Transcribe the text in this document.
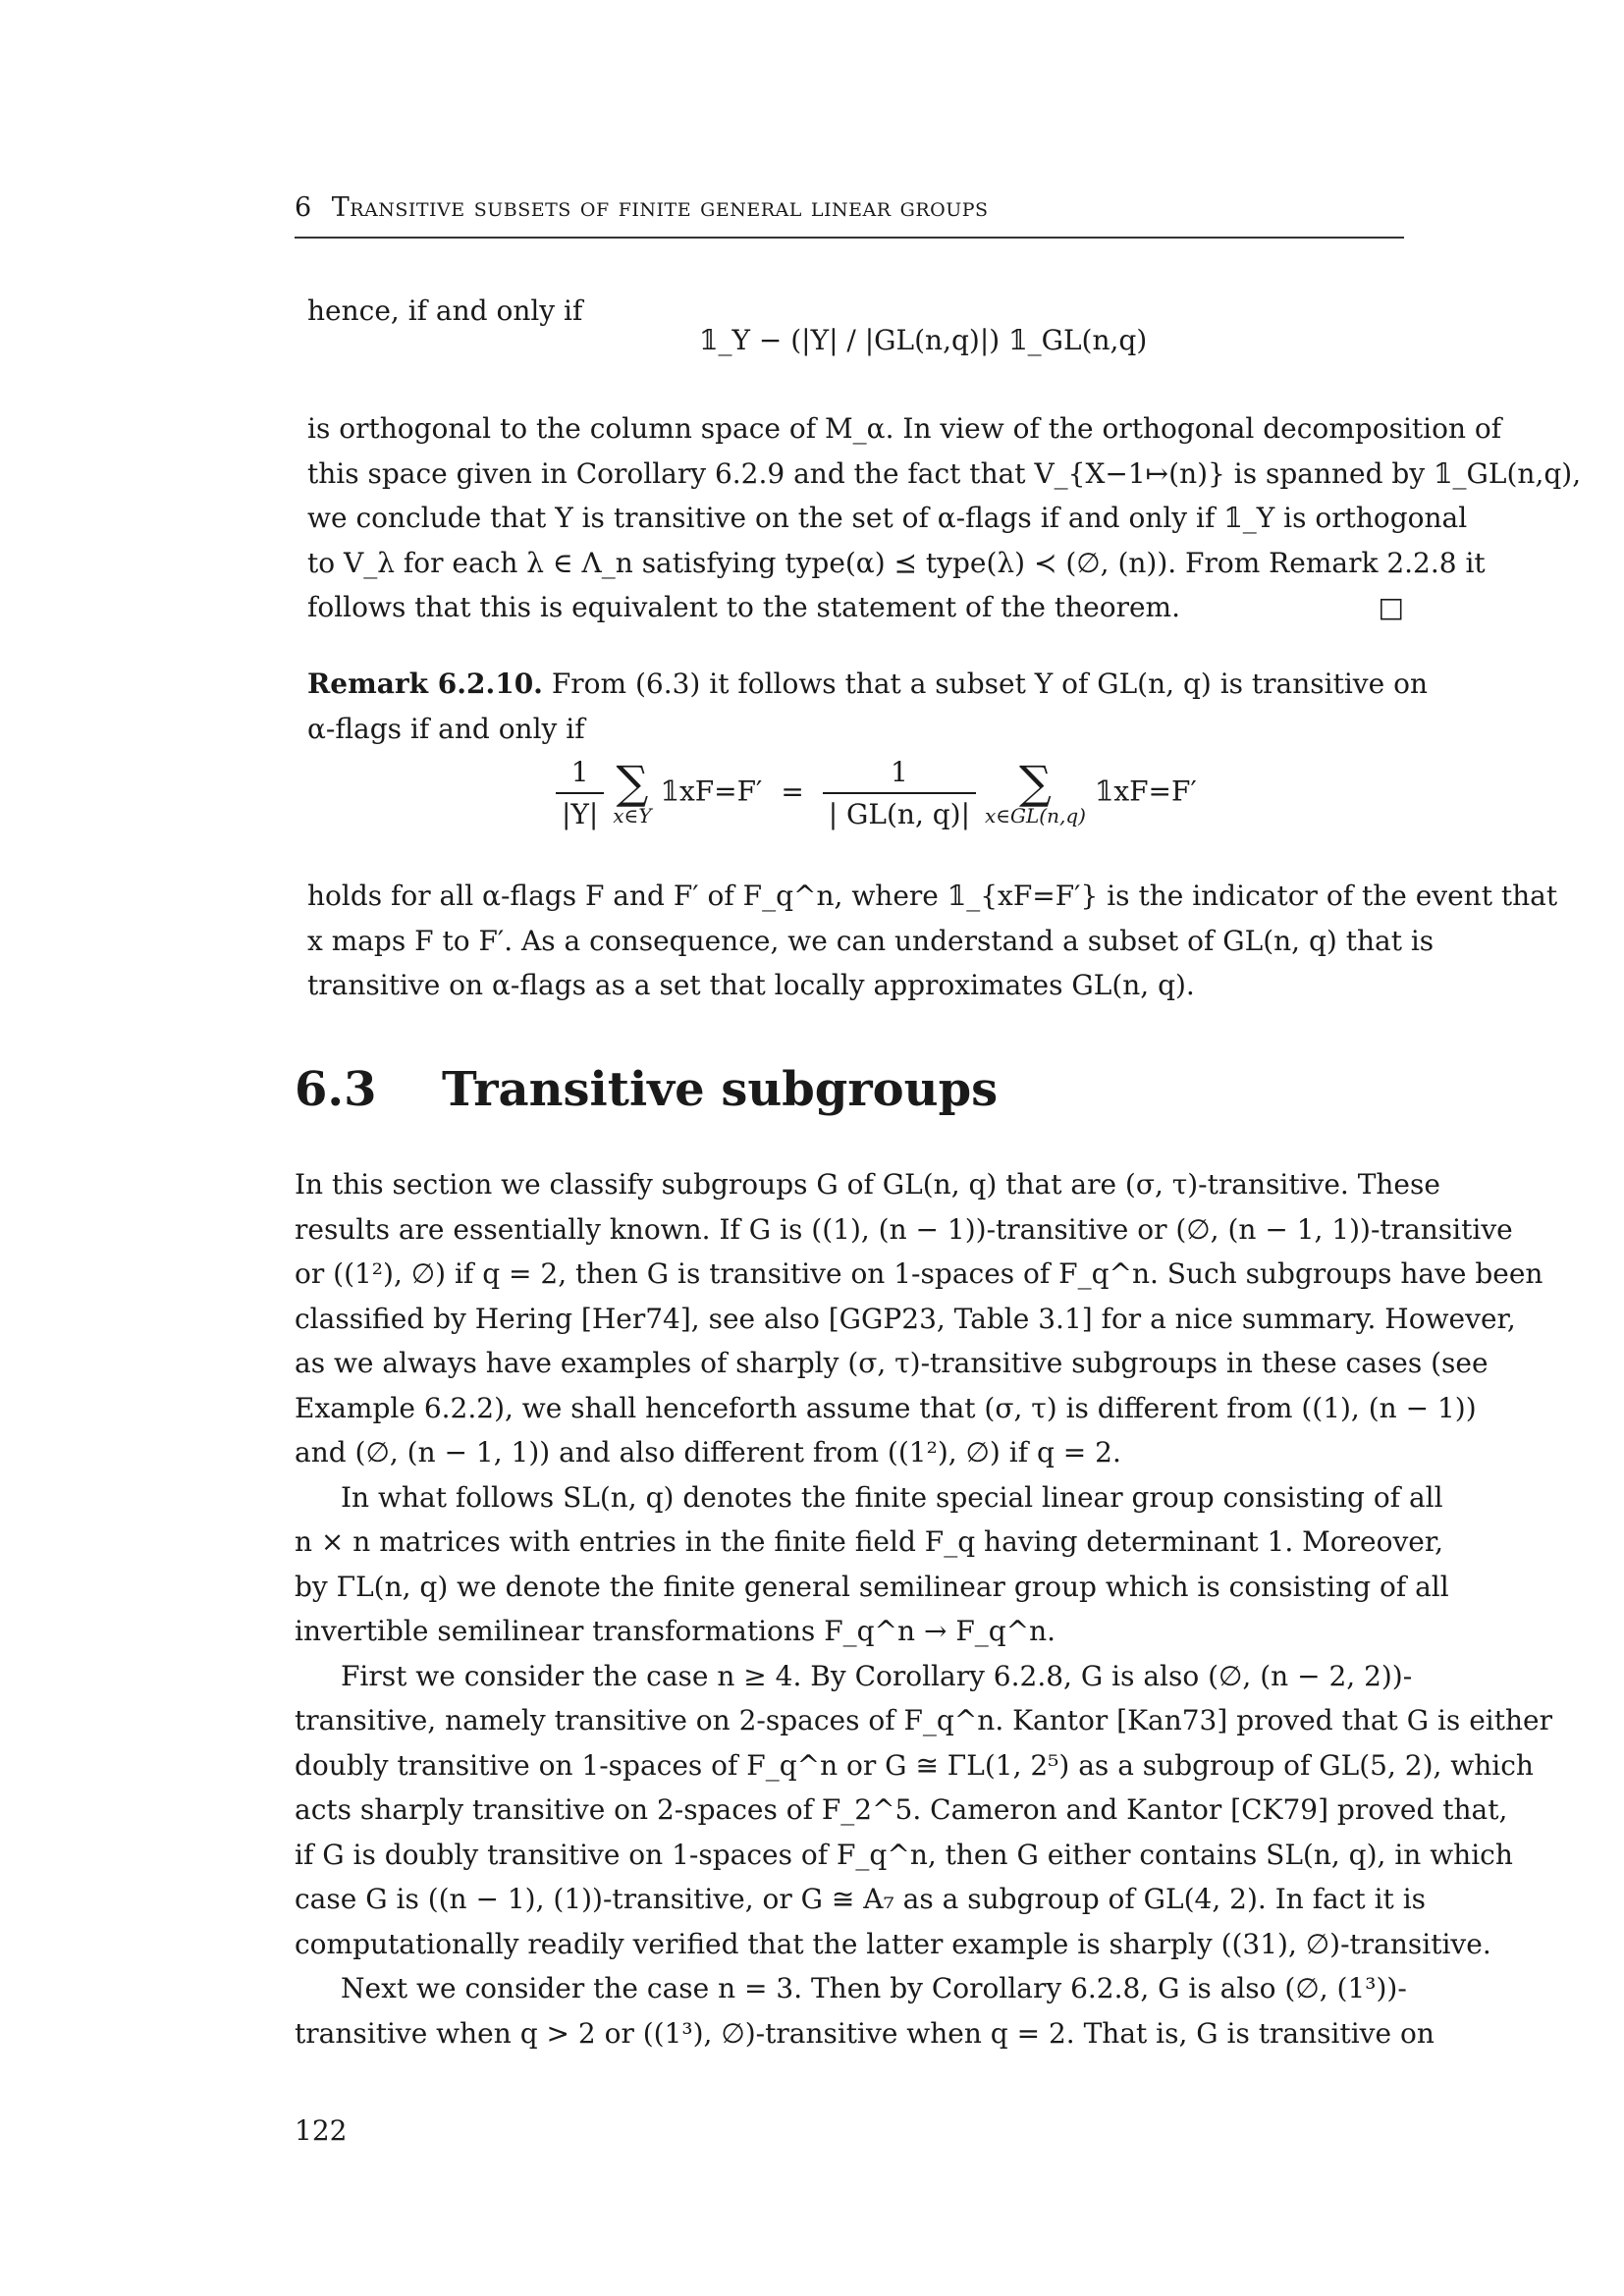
6 Transitive subsets of finite general linear groups
hence, if and only if
𝟙_Y − (|Y| / |GL(n,q)|) 𝟙_GL(n,q)
is orthogonal to the column space of M_α. In view of the orthogonal decomposition of
this space given in Corollary 6.2.9 and the fact that V_{X−1↦(n)} is spanned by 𝟙_GL(n,q),
we conclude that Y is transitive on the set of α-flags if and only if 𝟙_Y is orthogonal
to V_λ for each λ ∈ Λ_n satisfying type(α) ⪯ type(λ) ≺ (∅, (n)). From Remark 2.2.8 it
follows that this is equivalent to the statement of the theorem.	□
Remark 6.2.10. From (6.3) it follows that a subset Y of GL(n, q) is transitive on
α-flags if and only if
$\frac{1}{|Y|}$
∑
x∈Y
𝟙xF=F′ = $\frac{1}{| GL(n, q)|}$
∑
x∈GL(n,q)
𝟙xF=F′
holds for all α-flags F and F′ of F_q^n, where 𝟙_{xF=F′} is the indicator of the event that
x maps F to F′. As a consequence, we can understand a subset of GL(n, q) that is
transitive on α-flags as a set that locally approximates GL(n, q).
6.3 Transitive subgroups
In this section we classify subgroups G of GL(n, q) that are (σ, τ)-transitive. These
results are essentially known. If G is ((1), (n − 1))-transitive or (∅, (n − 1, 1))-transitive
or ((1²), ∅) if q = 2, then G is transitive on 1-spaces of F_q^n. Such subgroups have been
classified by Hering [Her74], see also [GGP23, Table 3.1] for a nice summary. However,
as we always have examples of sharply (σ, τ)-transitive subgroups in these cases (see
Example 6.2.2), we shall henceforth assume that (σ, τ) is different from ((1), (n − 1))
and (∅, (n − 1, 1)) and also different from ((1²), ∅) if q = 2.
In what follows SL(n, q) denotes the finite special linear group consisting of all
n × n matrices with entries in the finite field F_q having determinant 1. Moreover,
by ΓL(n, q) we denote the finite general semilinear group which is consisting of all
invertible semilinear transformations F_q^n → F_q^n.
First we consider the case n ≥ 4. By Corollary 6.2.8, G is also (∅, (n − 2, 2))-
transitive, namely transitive on 2-spaces of F_q^n. Kantor [Kan73] proved that G is either
doubly transitive on 1-spaces of F_q^n or G ≅ ΓL(1, 2⁵) as a subgroup of GL(5, 2), which
acts sharply transitive on 2-spaces of F_2^5. Cameron and Kantor [CK79] proved that,
if G is doubly transitive on 1-spaces of F_q^n, then G either contains SL(n, q), in which
case G is ((n − 1), (1))-transitive, or G ≅ A₇ as a subgroup of GL(4, 2). In fact it is
computationally readily verified that the latter example is sharply ((31), ∅)-transitive.
Next we consider the case n = 3. Then by Corollary 6.2.8, G is also (∅, (1³))-
transitive when q > 2 or ((1³), ∅)-transitive when q = 2. That is, G is transitive on
122
